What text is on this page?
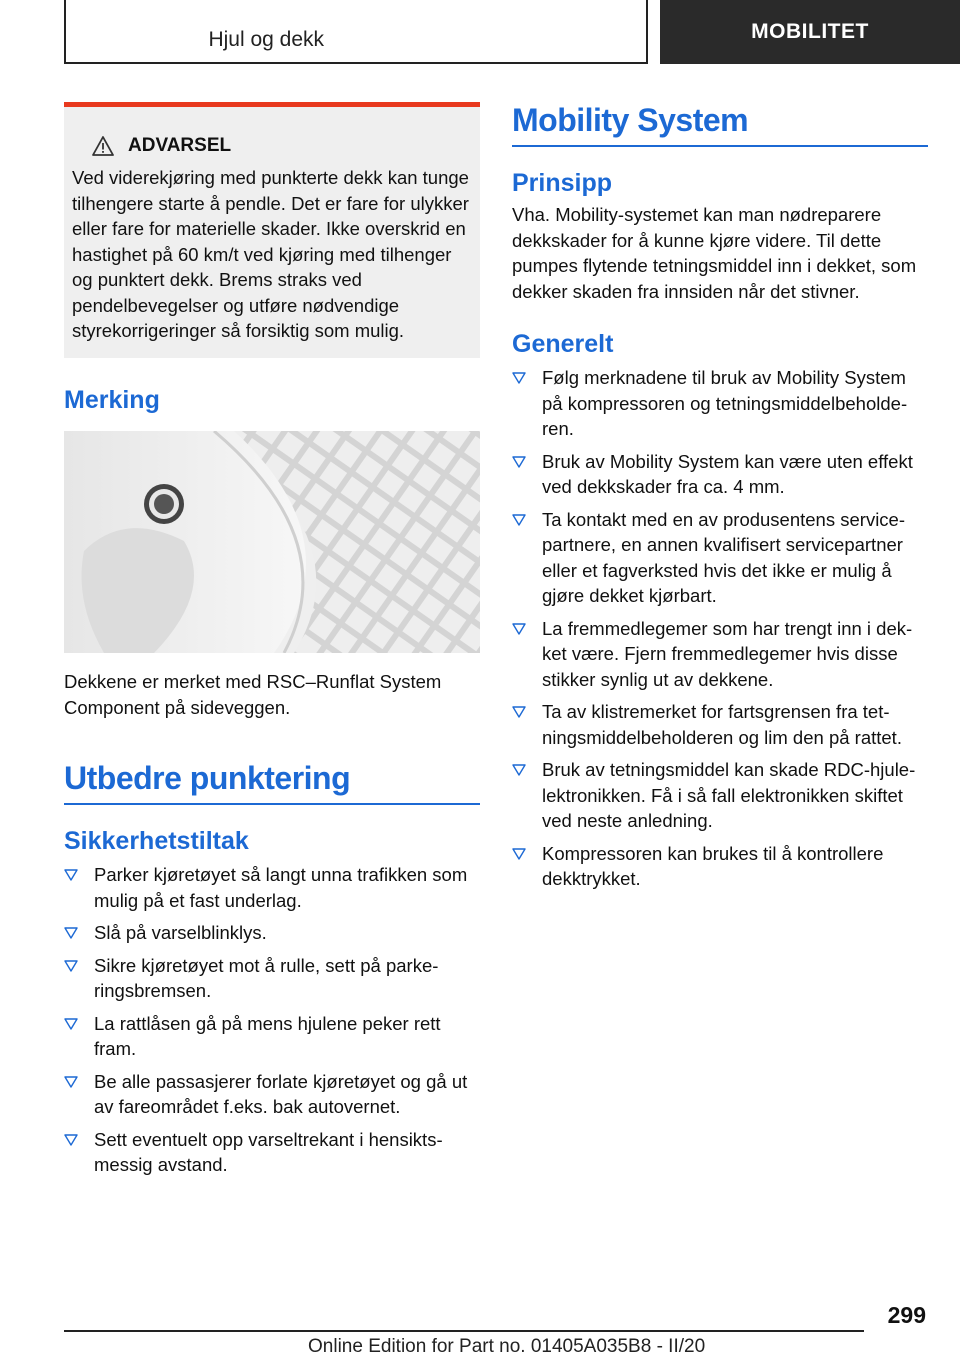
Hjul og dekk	MOBILITET
ADVARSEL
Ved viderekjøring med punkterte dekk kan tunge tilhengere starte å pendle. Det er fare for ulykker eller fare for materielle skader. Ikke overskrid en hastighet på 60 km/t ved kjøring med tilhenger og punktert dekk. Brems straks ved pendelbevegelser og utføre nødvendige styrekorrigeringer så forsiktig som mulig.
Merking

Dekkene er merket med RSC–Runflat System Component på sideveggen.

Utbedre punktering
Sikkerhetstiltak
Parker kjøretøyet så langt unna trafikken som mulig på et fast underlag.
Slå på varselblinklys.
Sikre kjøretøyet mot å rulle, sett på parkeringsbremsen.
La rattlåsen gå på mens hjulene peker rett fram.
Be alle passasjerer forlate kjøretøyet og gå ut av fareområdet f.eks. bak autovernet.
Sett eventuelt opp varseltrekant i hensiktsmessig avstand.
Mobility System
Prinsipp

Vha. Mobility-systemet kan man nødreparere dekkskader for å kunne kjøre videre. Til dette pumpes flytende tetningsmiddel inn i dekket, som dekker skaden fra innsiden når det stivner.

Generelt
Følg merknadene til bruk av Mobility System på kompressoren og tetningsmiddelbeholderen.
Bruk av Mobility System kan være uten effekt ved dekkskader fra ca. 4 mm.
Ta kontakt med en av produsentens servicepartnere, en annen kvalifisert servicepartner eller et fagverksted hvis det ikke er mulig å gjøre dekket kjørbart.
La fremmedlegemer som har trengt inn i dekket være. Fjern fremmedlegemer hvis disse stikker synlig ut av dekkene.
Ta av klistremerket for fartsgrensen fra tetningsmiddelbeholderen og lim den på rattet.
Bruk av tetningsmiddel kan skade RDC-hjulelektronikken. Få i så fall elektronikken skiftet ved neste anledning.
Kompressoren kan brukes til å kontrollere dekktrykket.
299
Online Edition for Part no. 01405A035B8 - II/20
